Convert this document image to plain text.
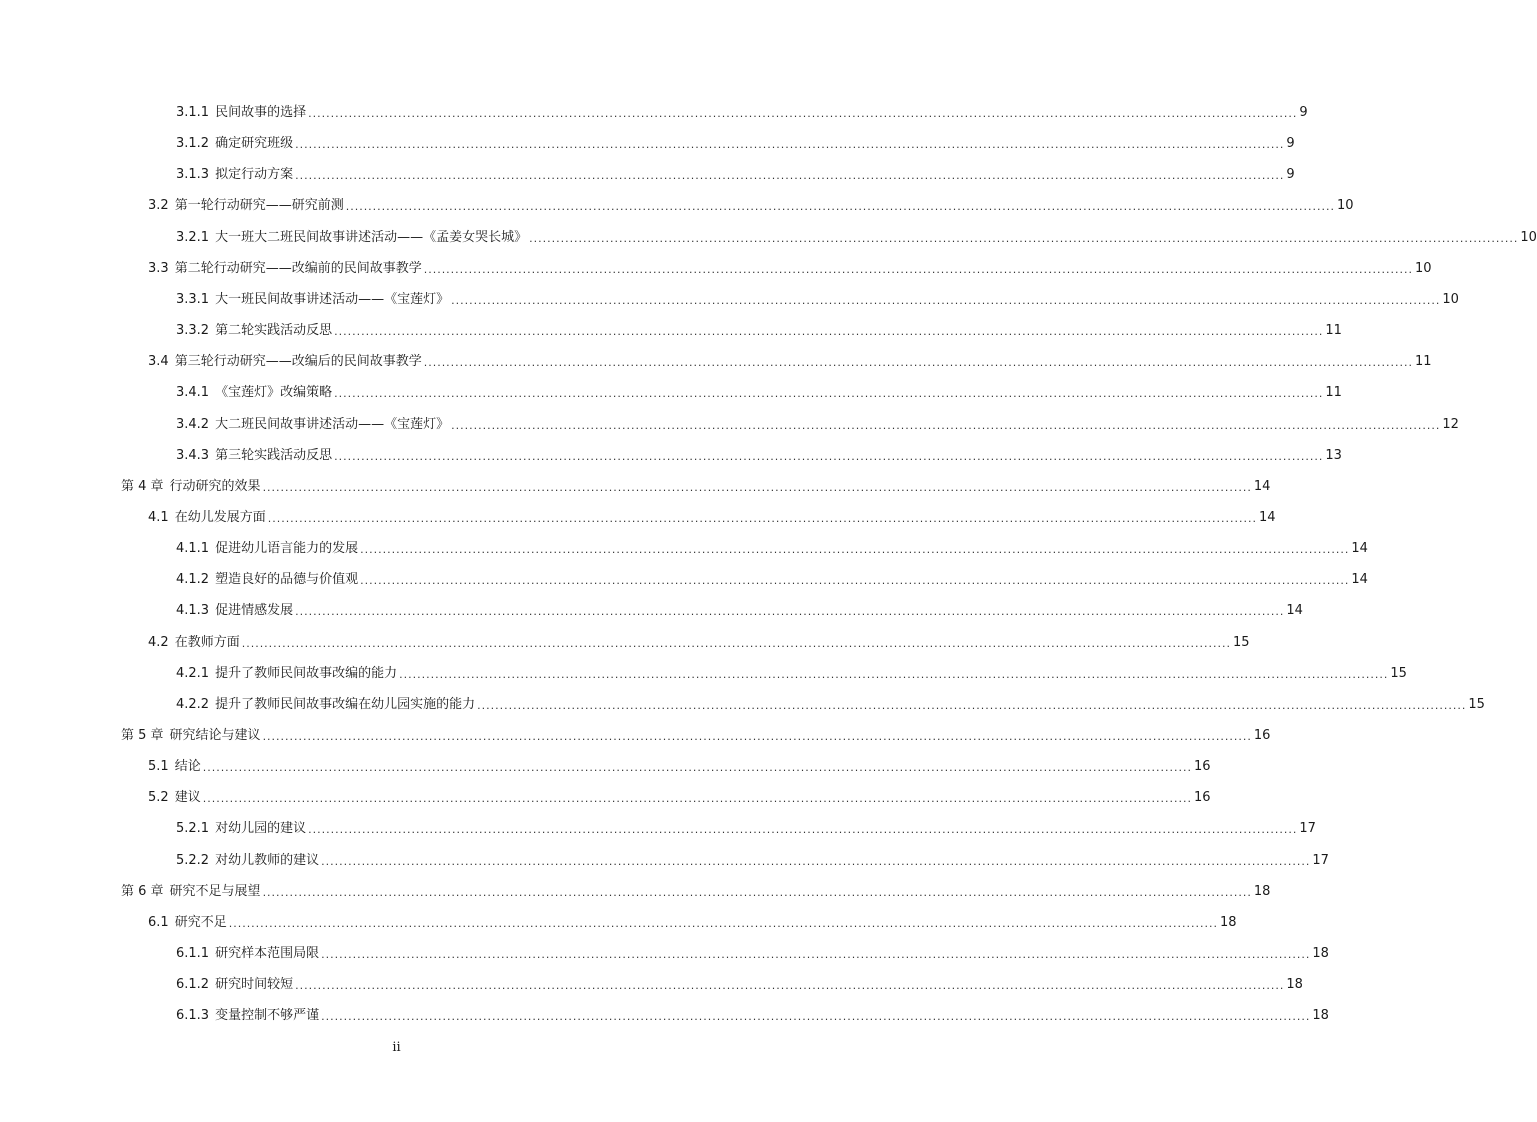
3.1.1 民间故事的选择 ............................................................................................................................................................................................................................ 9
3.1.2 确定研究班级 ............................................................................................................................................................................................................................ 9
3.1.3 拟定行动方案 ............................................................................................................................................................................................................................ 9
3.2 第一轮行动研究——研究前测 ............................................................................................................................................................................................................................ 10
3.2.1 大一班大二班民间故事讲述活动——《孟姜女哭长城》 ............................................................................................................................................................................................................................ 10
3.3 第二轮行动研究——改编前的民间故事教学 ............................................................................................................................................................................................................................ 10
3.3.1 大一班民间故事讲述活动——《宝莲灯》 ............................................................................................................................................................................................................................ 10
3.3.2 第二轮实践活动反思 ............................................................................................................................................................................................................................ 11
3.4 第三轮行动研究——改编后的民间故事教学 ............................................................................................................................................................................................................................ 11
3.4.1 《宝莲灯》改编策略 ............................................................................................................................................................................................................................ 11
3.4.2 大二班民间故事讲述活动——《宝莲灯》 ............................................................................................................................................................................................................................ 12
3.4.3 第三轮实践活动反思 ............................................................................................................................................................................................................................ 13
第 4 章 行动研究的效果 ............................................................................................................................................................................................................................ 14
4.1 在幼儿发展方面 ............................................................................................................................................................................................................................ 14
4.1.1 促进幼儿语言能力的发展 ............................................................................................................................................................................................................................ 14
4.1.2 塑造良好的品德与价值观 ............................................................................................................................................................................................................................ 14
4.1.3 促进情感发展 ............................................................................................................................................................................................................................ 14
4.2 在教师方面 ............................................................................................................................................................................................................................ 15
4.2.1 提升了教师民间故事改编的能力 ............................................................................................................................................................................................................................ 15
4.2.2 提升了教师民间故事改编在幼儿园实施的能力 ............................................................................................................................................................................................................................ 15
第 5 章 研究结论与建议 ............................................................................................................................................................................................................................ 16
5.1 结论 ............................................................................................................................................................................................................................ 16
5.2 建议 ............................................................................................................................................................................................................................ 16
5.2.1 对幼儿园的建议 ............................................................................................................................................................................................................................ 17
5.2.2 对幼儿教师的建议 ............................................................................................................................................................................................................................ 17
第 6 章 研究不足与展望 ............................................................................................................................................................................................................................ 18
6.1 研究不足 ............................................................................................................................................................................................................................ 18
6.1.1 研究样本范围局限 ............................................................................................................................................................................................................................ 18
6.1.2 研究时间较短 ............................................................................................................................................................................................................................ 18
6.1.3 变量控制不够严谨 ............................................................................................................................................................................................................................ 18
ii
